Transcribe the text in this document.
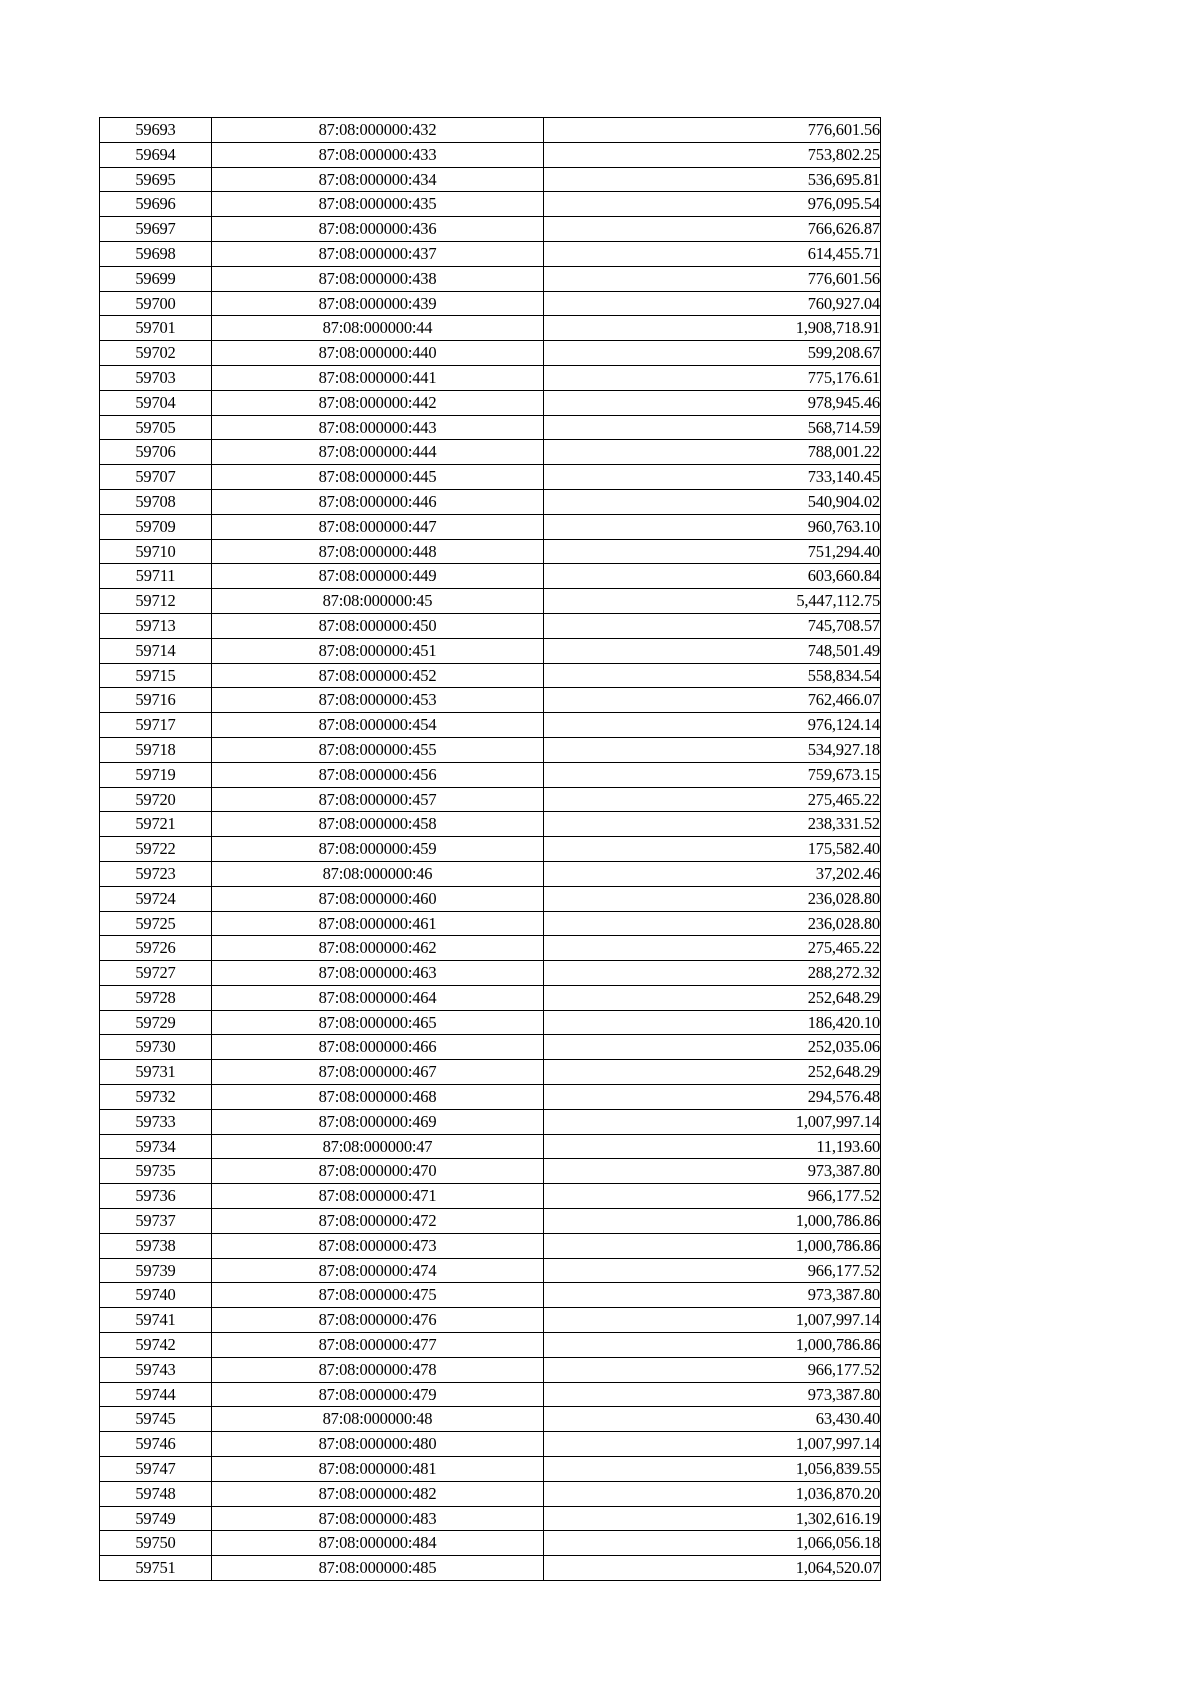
59693	87:08:000000:432	776,601.56
59694	87:08:000000:433	753,802.25
59695	87:08:000000:434	536,695.81
59696	87:08:000000:435	976,095.54
59697	87:08:000000:436	766,626.87
59698	87:08:000000:437	614,455.71
59699	87:08:000000:438	776,601.56
59700	87:08:000000:439	760,927.04
59701	87:08:000000:44	1,908,718.91
59702	87:08:000000:440	599,208.67
59703	87:08:000000:441	775,176.61
59704	87:08:000000:442	978,945.46
59705	87:08:000000:443	568,714.59
59706	87:08:000000:444	788,001.22
59707	87:08:000000:445	733,140.45
59708	87:08:000000:446	540,904.02
59709	87:08:000000:447	960,763.10
59710	87:08:000000:448	751,294.40
59711	87:08:000000:449	603,660.84
59712	87:08:000000:45	5,447,112.75
59713	87:08:000000:450	745,708.57
59714	87:08:000000:451	748,501.49
59715	87:08:000000:452	558,834.54
59716	87:08:000000:453	762,466.07
59717	87:08:000000:454	976,124.14
59718	87:08:000000:455	534,927.18
59719	87:08:000000:456	759,673.15
59720	87:08:000000:457	275,465.22
59721	87:08:000000:458	238,331.52
59722	87:08:000000:459	175,582.40
59723	87:08:000000:46	37,202.46
59724	87:08:000000:460	236,028.80
59725	87:08:000000:461	236,028.80
59726	87:08:000000:462	275,465.22
59727	87:08:000000:463	288,272.32
59728	87:08:000000:464	252,648.29
59729	87:08:000000:465	186,420.10
59730	87:08:000000:466	252,035.06
59731	87:08:000000:467	252,648.29
59732	87:08:000000:468	294,576.48
59733	87:08:000000:469	1,007,997.14
59734	87:08:000000:47	11,193.60
59735	87:08:000000:470	973,387.80
59736	87:08:000000:471	966,177.52
59737	87:08:000000:472	1,000,786.86
59738	87:08:000000:473	1,000,786.86
59739	87:08:000000:474	966,177.52
59740	87:08:000000:475	973,387.80
59741	87:08:000000:476	1,007,997.14
59742	87:08:000000:477	1,000,786.86
59743	87:08:000000:478	966,177.52
59744	87:08:000000:479	973,387.80
59745	87:08:000000:48	63,430.40
59746	87:08:000000:480	1,007,997.14
59747	87:08:000000:481	1,056,839.55
59748	87:08:000000:482	1,036,870.20
59749	87:08:000000:483	1,302,616.19
59750	87:08:000000:484	1,066,056.18
59751	87:08:000000:485	1,064,520.07
